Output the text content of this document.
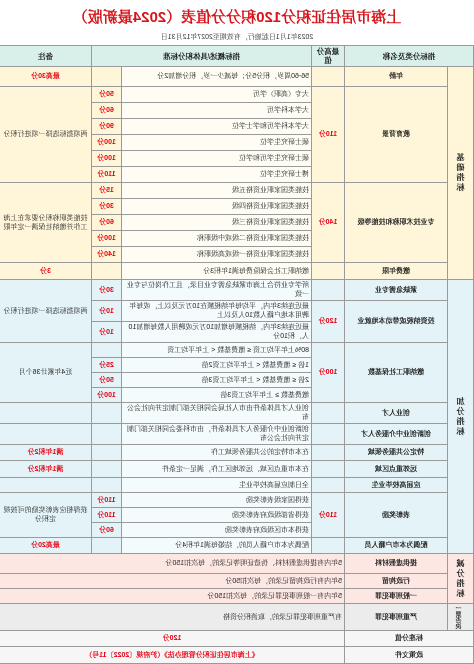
上海市居住证积分120积分分值表（2024最新版）
2023年1月1日起施行，有效期至2027年12月31日
指标分类及名称		最高分值	指标概述/具体积分标准		备注
基础指标	年龄		56-60周岁，积分5分；每减少一岁，积分增加2分		最高30分
	教育背景	110分	大专（高职）学历	50分	两项指标选择一项进行积分
			大学本科学历	60分	
			大学本科学历和学士学位	90分	
			硕士研究生学位	100分	
			硕士研究生学历和学位	100分	
			博士研究生学位	110分	
	专业技术职称和技能等级	140分	技能类国家职业资格五级	15分	技能类职称积分要求在上海工作并缴纳社保满一定年限
			技能类国家职业资格四级	30分	
			技能类国家职业资格三级	60分	
			技能类国家职业资格二级或中级职称	100分	
			技能类国家职业资格一级或高级职称	140分	
	缴费年限		缴纳职工社会保险费每满1年积3分		3分
加分指标	紧缺急需专业		所学专业符合上海市紧缺急需专业目录，且工作岗位与专业一致	30分	两项指标选择一项进行积分
	投资纳税或带动本地就业	120分	最近连续3年内，平均每年纳税额在10万元及以上，或每年聘用本地户籍人数10人及以上	10分	
			最近连续3年内，纳税额每增加10万元或聘用人数每增加10人，积10分	10分	
	缴纳职工社保基数	100分	80%上年平均工资 ≤ 缴费基数 < 上年平均工资		近4年累计36个月
			1倍 ≤ 缴费基数 < 上年平均工资2倍	25分	
			2倍 ≤ 缴费基数 < 上年平均工资3倍	50分	
			缴费基数 ≥ 上年平均工资3倍	100分	
	创业人才		创业人才具体条件由市人社局会同相关部门制定并向社会公布		
	创新创业中介服务人才		创新创业中介服务人才具体条件，由市科委会同相关部门制定并向社会公布		
	特定公共服务领域		在本市特定的公共服务领域工作		满1年积2分
	远郊重点区域		在本市重点区域、远郊地区工作，满足一定条件		满1年积2分
	应届高校毕业生		全日制应届高校毕业生		
	表彰奖励	110分	获得国家级表彰奖励	110分	获得相应表彰奖励的可按规定积分
			获得省部级政府表彰奖励	110分	
			获得本市区级政府表彰奖励	60分	
	配偶为本市户籍人员		配偶为本市户籍人员的，结婚每满1年积4分		最高20分
减分指标	提供虚假材料	5年内有提供虚假材料、伪造证明等记录的，每次扣150分			
	行政拘留	5年内有行政拘留记录的，每次扣50分			
	一般刑事犯罪	5年内有一般刑事犯罪记录的，每次扣150分			
一票否决	严重刑事犯罪	有严重刑事犯罪记录的，取消积分资格			
标准分值		120分			
政策文件		《上海市居住证积分管理办法》（沪府规〔2022〕11号）			
